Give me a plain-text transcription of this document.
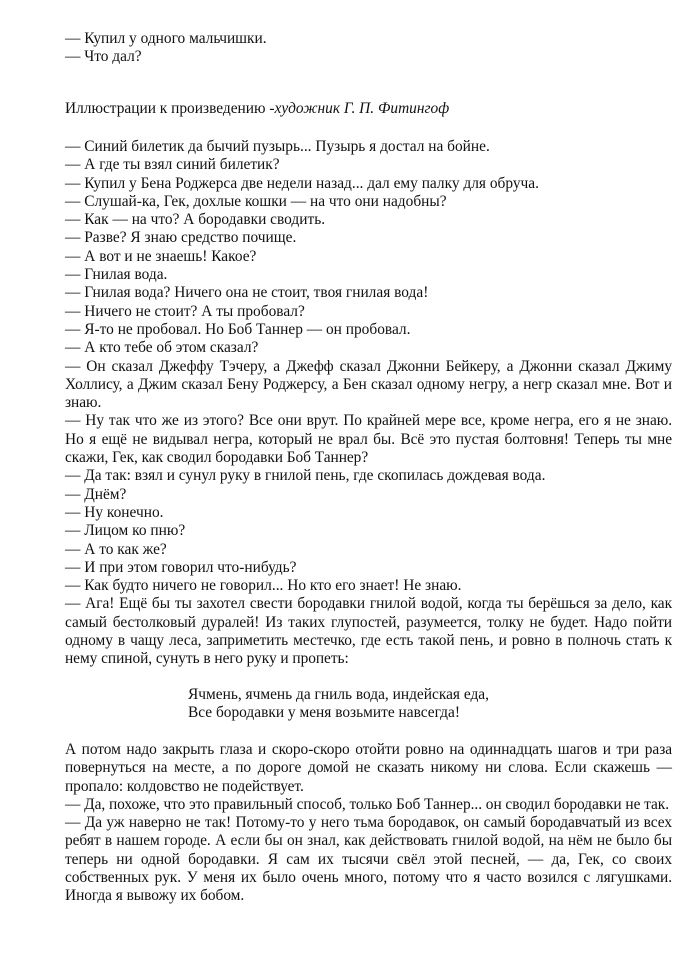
— Купил у одного мальчишки.
— Что дал?
Иллюстрации к произведению -художник Г. П. Фитингоф

— Синий билетик да бычий пузырь... Пузырь я достал на бойне.

— А где ты взял синий билетик?

— Купил у Бена Роджерса две недели назад... дал ему палку для обруча.

— Слушай-ка, Гек, дохлые кошки — на что они надобны?

— Как — на что? А бородавки сводить.

— Разве? Я знаю средство почище.

— А вот и не знаешь! Какое?

— Гнилая вода.

— Гнилая вода? Ничего она не стоит, твоя гнилая вода!

— Ничего не стоит? А ты пробовал?

— Я-то не пробовал. Но Боб Таннер — он пробовал.

— А кто тебе об этом сказал?

— Он сказал Джеффу Тэчеру, а Джефф сказал Джонни Бейкеру, а Джонни сказал Джиму Холлису, а Джим сказал Бену Роджерсу, а Бен сказал одному негру, а негр сказал мне. Вот и знаю.

— Ну так что же из этого? Все они врут. По крайней мере все, кроме негра, его я не знаю. Но я ещё не видывал негра, который не врал бы. Всё это пустая болтовня! Теперь ты мне скажи, Гек, как сводил бородавки Боб Таннер?

— Да так: взял и сунул руку в гнилой пень, где скопилась дождевая вода.

— Днём?

— Ну конечно.

— Лицом ко пню?

— А то как же?

— И при этом говорил что-нибудь?

— Как будто ничего не говорил... Но кто его знает! Не знаю.

— Ага! Ещё бы ты захотел свести бородавки гнилой водой, когда ты берёшься за дело, как самый бестолковый дуралей! Из таких глупостей, разумеется, толку не будет. Надо пойти одному в чащу леса, заприметить местечко, где есть такой пень, и ровно в полночь стать к нему спиной, сунуть в него руку и пропеть:

Ячмень, ячмень да гниль вода, индейская еда,
Все бородавки у меня возьмите навсегда!

А потом надо закрыть глаза и скоро-скоро отойти ровно на одиннадцать шагов и три раза повернуться на месте, а по дороге домой не сказать никому ни слова. Если скажешь — пропало: колдовство не подействует.

— Да, похоже, что это правильный способ, только Боб Таннер... он сводил бородавки не так.

— Да уж наверно не так! Потому-то у него тьма бородавок, он самый бородавчатый из всех ребят в нашем городе. А если бы он знал, как действовать гнилой водой, на нём не было бы теперь ни одной бородавки. Я сам их тысячи свёл этой песней, — да, Гек, со своих собственных рук. У меня их было очень много, потому что я часто возился с лягушками. Иногда я вывожу их бобом.
